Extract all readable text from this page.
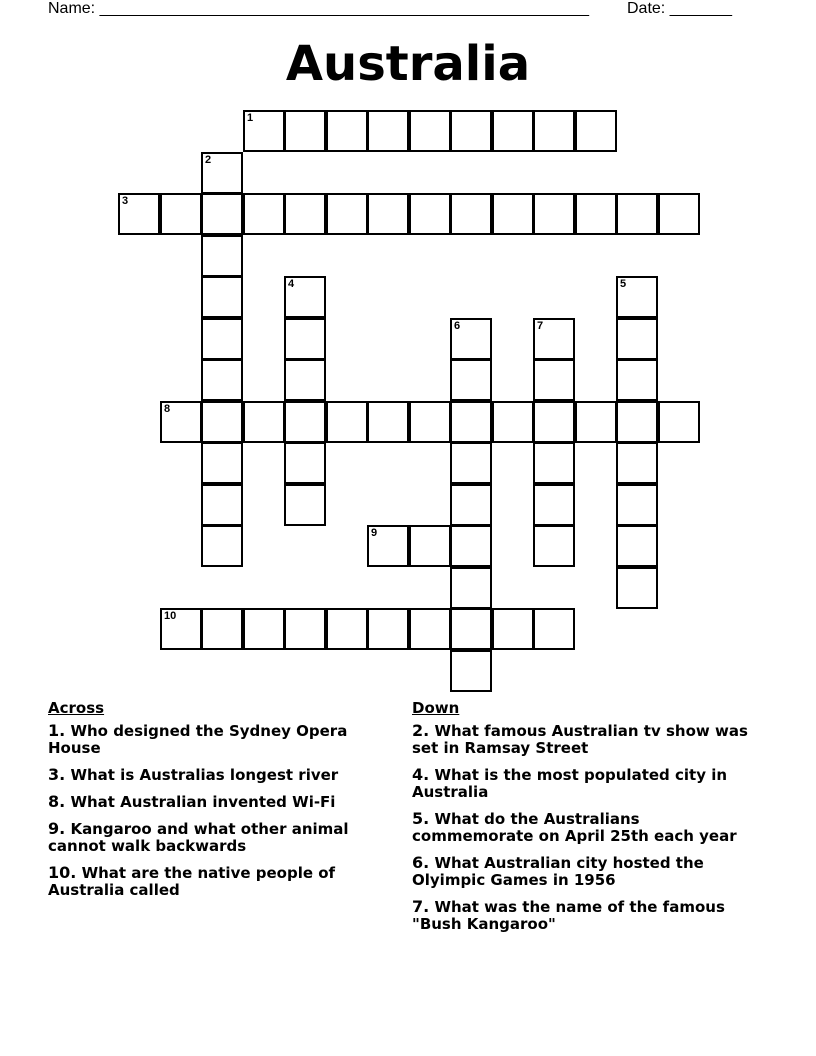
Name: _______________________________________________________ Date: _______
Australia
1
2
3
4	5
6	7
8
9
10
Across
1. Who designed the Sydney Opera House
3. What is Australias longest river
8. What Australian invented Wi-Fi
9. Kangaroo and what other animal cannot walk backwards
10. What are the native people of Australia called
Down
2. What famous Australian tv show was set in Ramsay Street
4. What is the most populated city in Australia
5. What do the Australians commemorate on April 25th each year
6. What Australian city hosted the Olyimpic Games in 1956
7. What was the name of the famous "Bush Kangaroo"
